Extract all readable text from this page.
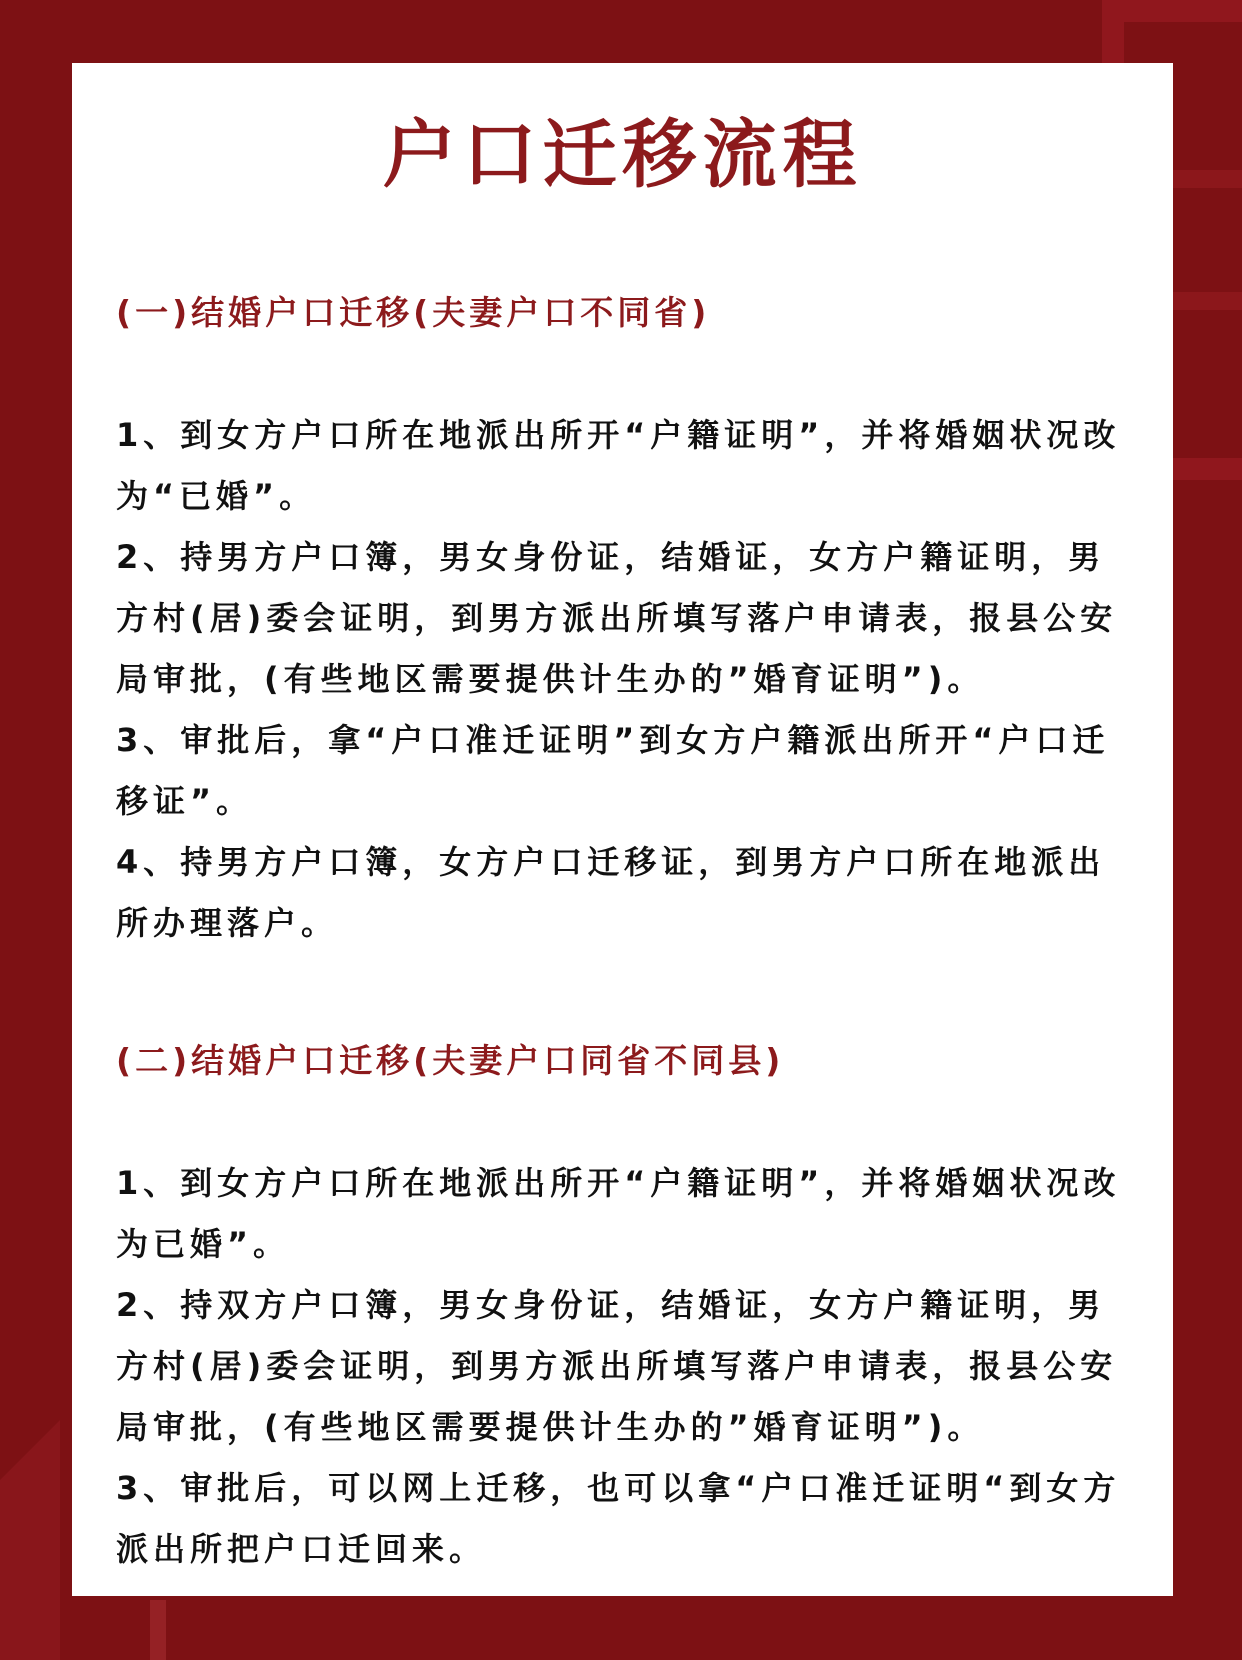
户口迁移流程
(一)结婚户口迁移(夫妻户口不同省)
1、到女方户口所在地派出所开“户籍证明”，并将婚姻状况改为“已婚”。
2、持男方户口簿，男女身份证，结婚证，女方户籍证明，男方村(居)委会证明，到男方派出所填写落户申请表，报县公安局审批，(有些地区需要提供计生办的”婚育证明”)。
3、审批后，拿“户口准迁证明”到女方户籍派出所开“户口迁移证”。
4、持男方户口簿，女方户口迁移证，到男方户口所在地派出所办理落户。
(二)结婚户口迁移(夫妻户口同省不同县)
1、到女方户口所在地派出所开“户籍证明”，并将婚姻状况改为已婚”。
2、持双方户口簿，男女身份证，结婚证，女方户籍证明，男方村(居)委会证明，到男方派出所填写落户申请表，报县公安局审批，(有些地区需要提供计生办的”婚育证明”)。
3、审批后，可以网上迁移，也可以拿“户口准迁证明“到女方派出所把户口迁回来。
